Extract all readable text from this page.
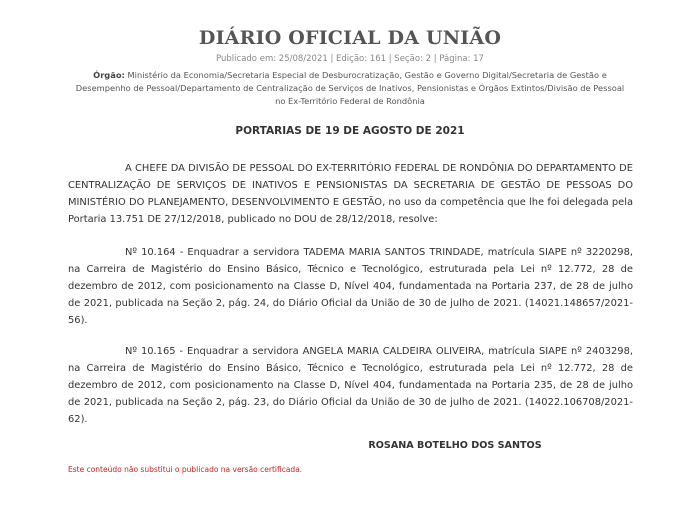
DIÁRIO OFICIAL DA UNIÃO
Publicado em: 25/08/2021 | Edição: 161 | Seção: 2 | Página: 17
Órgão: Ministério da Economia/Secretaria Especial de Desburocratização, Gestão e Governo Digital/Secretaria de Gestão e Desempenho de Pessoal/Departamento de Centralização de Serviços de Inativos, Pensionistas e Órgãos Extintos/Divisão de Pessoal no Ex-Território Federal de Rondônia
PORTARIAS DE 19 DE AGOSTO DE 2021
A CHEFE DA DIVISÃO DE PESSOAL DO EX-TERRITÓRIO FEDERAL DE RONDÔNIA DO DEPARTAMENTO DE CENTRALIZAÇÃO DE SERVIÇOS DE INATIVOS E PENSIONISTAS DA SECRETARIA DE GESTÃO DE PESSOAS DO MINISTÉRIO DO PLANEJAMENTO, DESENVOLVIMENTO E GESTÃO, no uso da competência que lhe foi delegada pela Portaria 13.751 DE 27/12/2018, publicado no DOU de 28/12/2018, resolve:
Nº 10.164 - Enquadrar a servidora TADEMA MARIA SANTOS TRINDADE, matrícula SIAPE nº 3220298, na Carreira de Magistério do Ensino Básico, Técnico e Tecnológico, estruturada pela Lei nº 12.772, 28 de dezembro de 2012, com posicionamento na Classe D, Nível 404, fundamentada na Portaria 237, de 28 de julho de 2021, publicada na Seção 2, pág. 24, do Diário Oficial da União de 30 de julho de 2021. (14021.148657/2021-56).
Nº 10.165 - Enquadrar a servidora ANGELA MARIA CALDEIRA OLIVEIRA, matrícula SIAPE nº 2403298, na Carreira de Magistério do Ensino Básico, Técnico e Tecnológico, estruturada pela Lei nº 12.772, 28 de dezembro de 2012, com posicionamento na Classe D, Nível 404, fundamentada na Portaria 235, de 28 de julho de 2021, publicada na Seção 2, pág. 23, do Diário Oficial da União de 30 de julho de 2021. (14022.106708/2021-62).
ROSANA BOTELHO DOS SANTOS
Este conteúdo não substitui o publicado na versão certificada.
